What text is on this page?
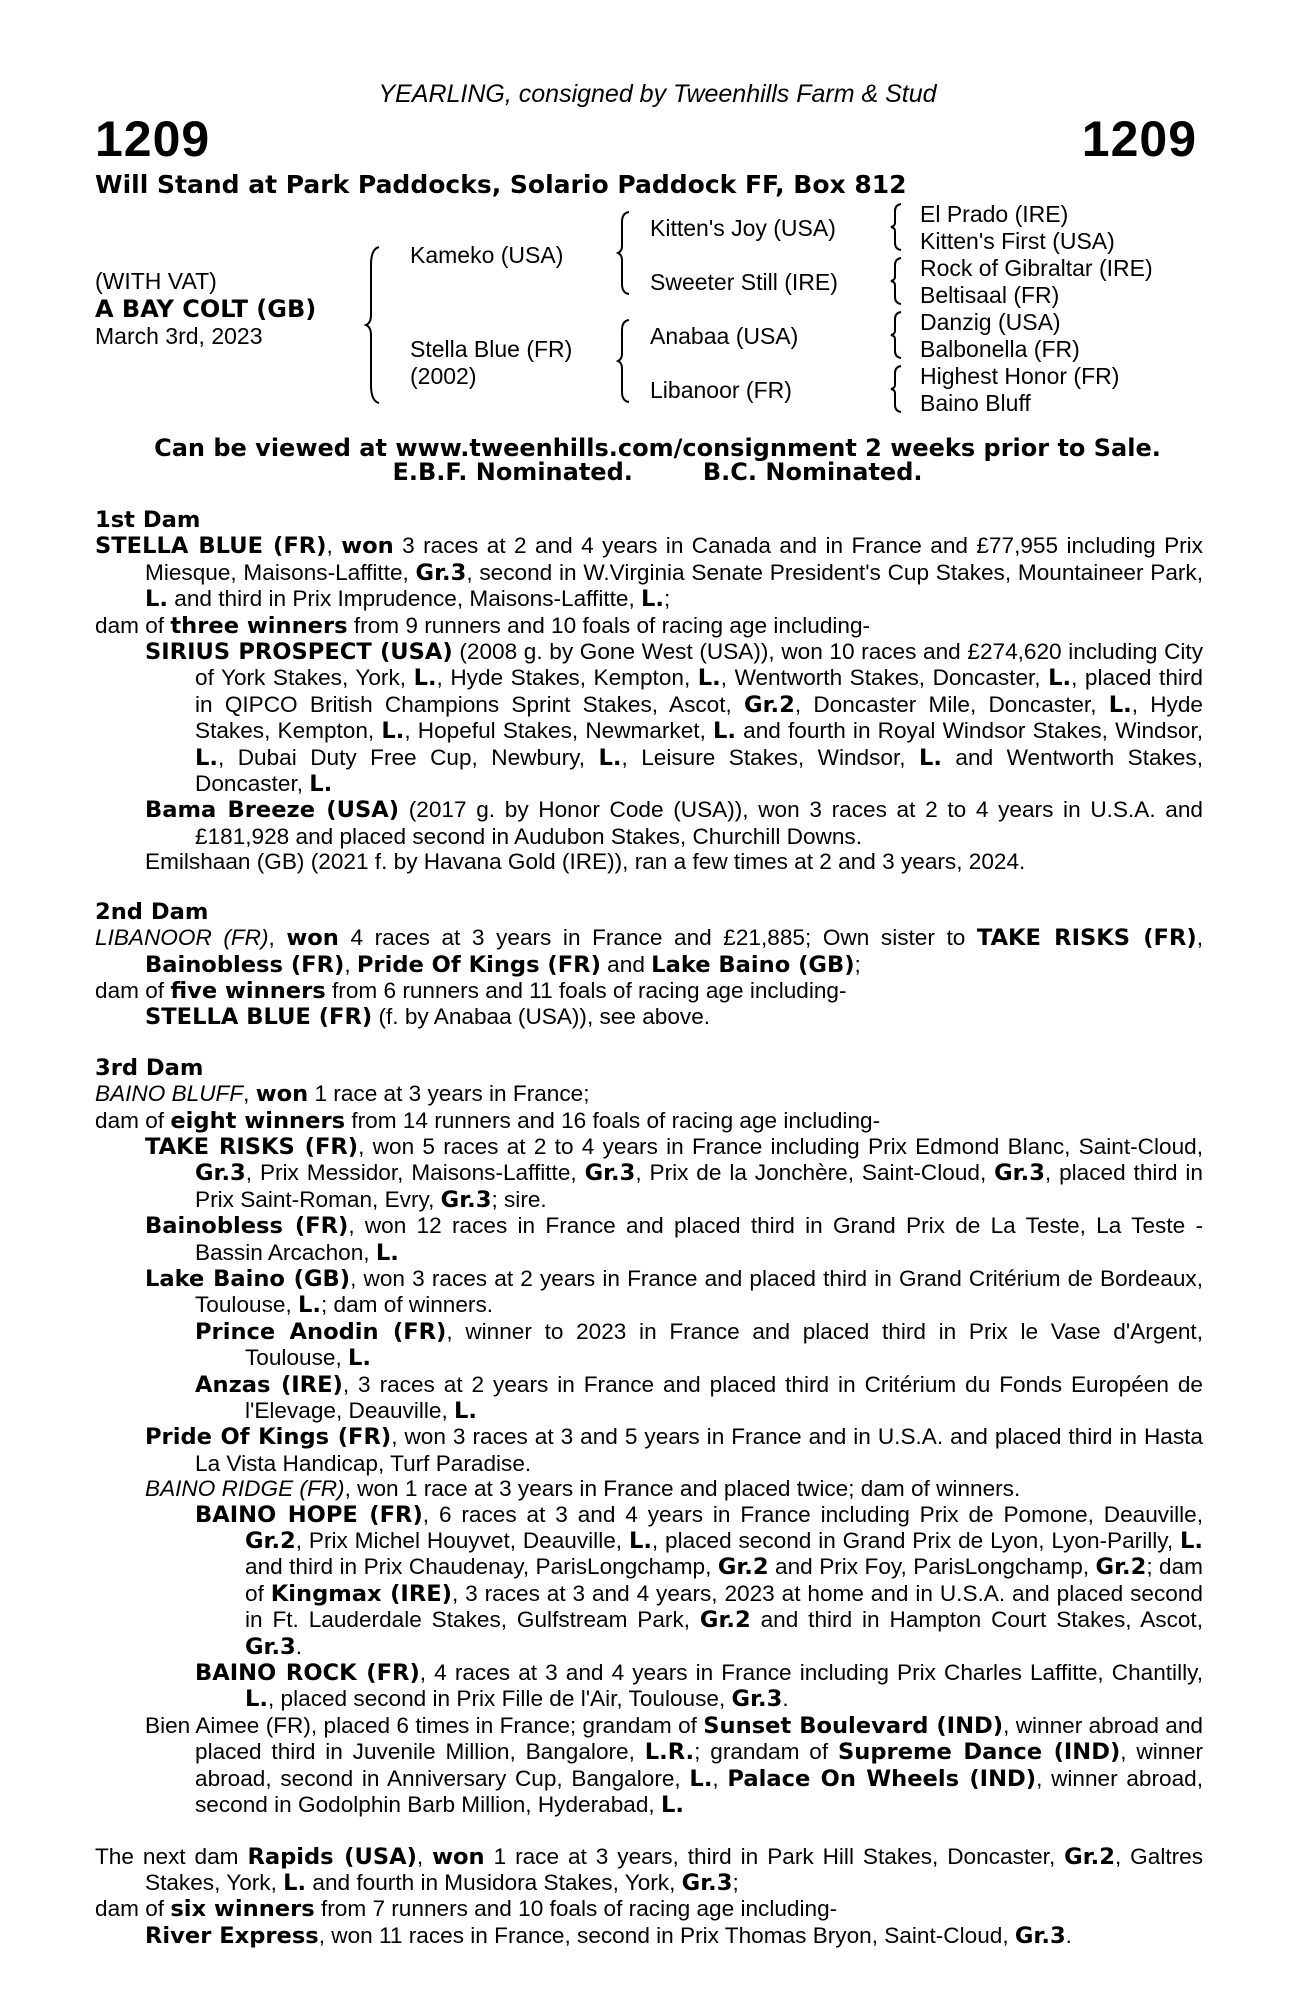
YEARLING, consigned by Tweenhills Farm & Stud
1209	1209
Will Stand at Park Paddocks, Solario Paddock FF, Box 812
(WITH VAT)
A BAY COLT (GB)
March 3rd, 2023
Kameko (USA)
Stella Blue (FR)
(2002)
Kitten's Joy (USA)
Sweeter Still (IRE)
Anabaa (USA)
Libanoor (FR)
El Prado (IRE)
Kitten's First (USA)
Rock of Gibraltar (IRE)
Beltisaal (FR)
Danzig (USA)
Balbonella (FR)
Highest Honor (FR)
Baino Bluff
Can be viewed at www.tweenhills.com/consignment 2 weeks prior to Sale.
E.B.F. Nominated.	B.C. Nominated.

1st Dam

STELLA BLUE (FR), won 3 races at 2 and 4 years in Canada and in France and £77,955 including Prix Miesque, Maisons-Laffitte, Gr.3, second in W.Virginia Senate President's Cup Stakes, Mountaineer Park, L. and third in Prix Imprudence, Maisons-Laffitte, L.;

dam of three winners from 9 runners and 10 foals of racing age including-

SIRIUS PROSPECT (USA) (2008 g. by Gone West (USA)), won 10 races and £274,620 including City of York Stakes, York, L., Hyde Stakes, Kempton, L., Wentworth Stakes, Doncaster, L., placed third in QIPCO British Champions Sprint Stakes, Ascot, Gr.2, Doncaster Mile, Doncaster, L., Hyde Stakes, Kempton, L., Hopeful Stakes, Newmarket, L. and fourth in Royal Windsor Stakes, Windsor, L., Dubai Duty Free Cup, Newbury, L., Leisure Stakes, Windsor, L. and Wentworth Stakes, Doncaster, L.

Bama Breeze (USA) (2017 g. by Honor Code (USA)), won 3 races at 2 to 4 years in U.S.A. and £181,928 and placed second in Audubon Stakes, Churchill Downs.

Emilshaan (GB) (2021 f. by Havana Gold (IRE)), ran a few times at 2 and 3 years, 2024.

2nd Dam

LIBANOOR (FR), won 4 races at 3 years in France and £21,885; Own sister to TAKE RISKS (FR), Bainobless (FR), Pride Of Kings (FR) and Lake Baino (GB);

dam of five winners from 6 runners and 11 foals of racing age including-

STELLA BLUE (FR) (f. by Anabaa (USA)), see above.

3rd Dam

BAINO BLUFF, won 1 race at 3 years in France;

dam of eight winners from 14 runners and 16 foals of racing age including-

TAKE RISKS (FR), won 5 races at 2 to 4 years in France including Prix Edmond Blanc, Saint-Cloud, Gr.3, Prix Messidor, Maisons-Laffitte, Gr.3, Prix de la Jonchère, Saint-Cloud, Gr.3, placed third in Prix Saint-Roman, Evry, Gr.3; sire.

Bainobless (FR), won 12 races in France and placed third in Grand Prix de La Teste, La Teste - Bassin Arcachon, L.

Lake Baino (GB), won 3 races at 2 years in France and placed third in Grand Critérium de Bordeaux, Toulouse, L.; dam of winners.

Prince Anodin (FR), winner to 2023 in France and placed third in Prix le Vase d'Argent, Toulouse, L.

Anzas (IRE), 3 races at 2 years in France and placed third in Critérium du Fonds Européen de l'Elevage, Deauville, L.

Pride Of Kings (FR), won 3 races at 3 and 5 years in France and in U.S.A. and placed third in Hasta La Vista Handicap, Turf Paradise.

BAINO RIDGE (FR), won 1 race at 3 years in France and placed twice; dam of winners.

BAINO HOPE (FR), 6 races at 3 and 4 years in France including Prix de Pomone, Deauville, Gr.2, Prix Michel Houyvet, Deauville, L., placed second in Grand Prix de Lyon, Lyon-Parilly, L. and third in Prix Chaudenay, ParisLongchamp, Gr.2 and Prix Foy, ParisLongchamp, Gr.2; dam of Kingmax (IRE), 3 races at 3 and 4 years, 2023 at home and in U.S.A. and placed second in Ft. Lauderdale Stakes, Gulfstream Park, Gr.2 and third in Hampton Court Stakes, Ascot, Gr.3.

BAINO ROCK (FR), 4 races at 3 and 4 years in France including Prix Charles Laffitte, Chantilly, L., placed second in Prix Fille de l'Air, Toulouse, Gr.3.

Bien Aimee (FR), placed 6 times in France; grandam of Sunset Boulevard (IND), winner abroad and placed third in Juvenile Million, Bangalore, L.R.; grandam of Supreme Dance (IND), winner abroad, second in Anniversary Cup, Bangalore, L., Palace On Wheels (IND), winner abroad, second in Godolphin Barb Million, Hyderabad, L.

The next dam Rapids (USA), won 1 race at 3 years, third in Park Hill Stakes, Doncaster, Gr.2, Galtres Stakes, York, L. and fourth in Musidora Stakes, York, Gr.3;

dam of six winners from 7 runners and 10 foals of racing age including-

River Express, won 11 races in France, second in Prix Thomas Bryon, Saint-Cloud, Gr.3.
